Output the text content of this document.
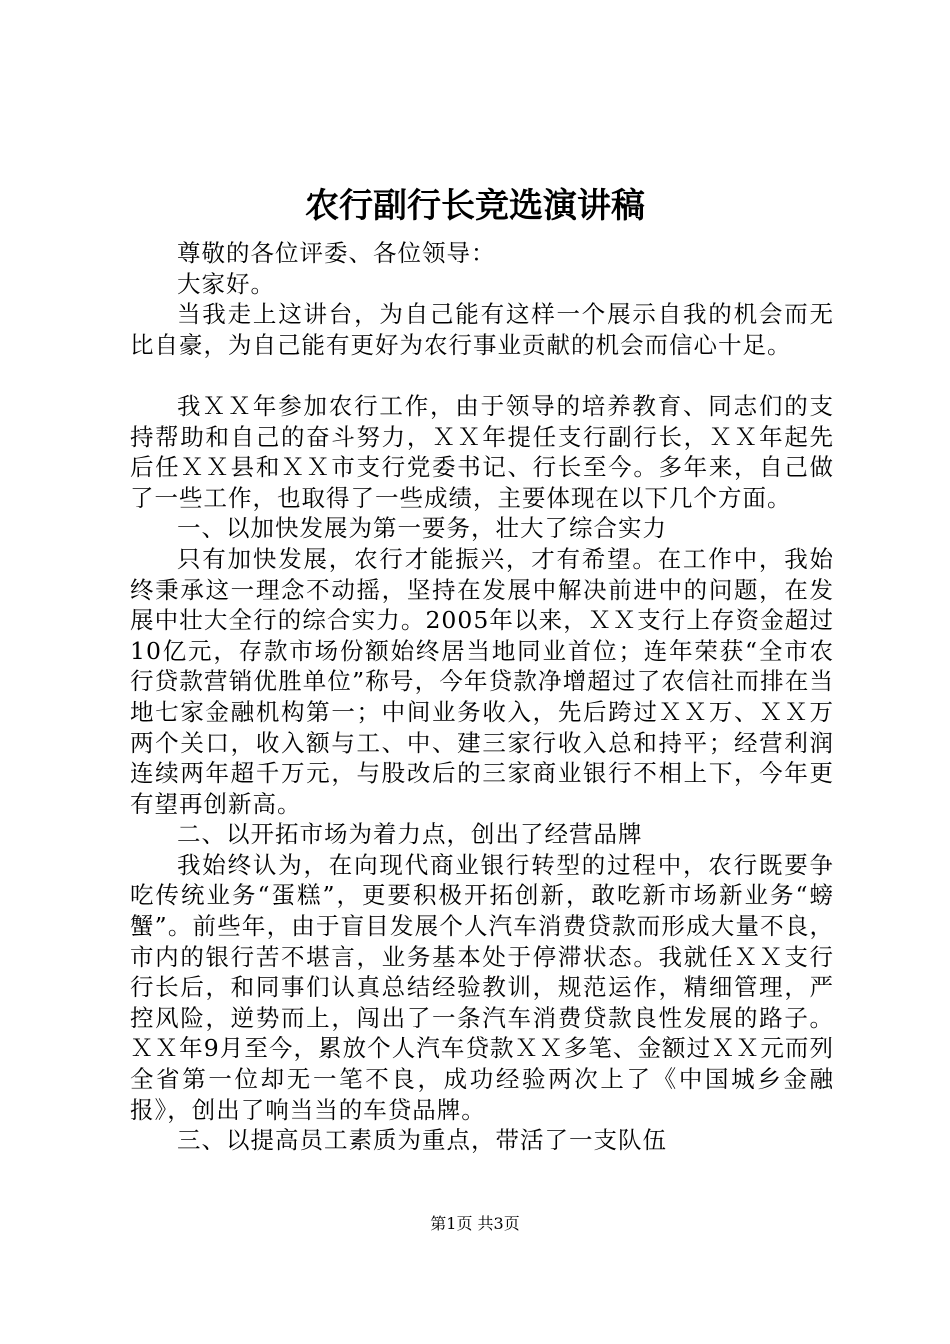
农行副行长竞选演讲稿

尊敬的各位评委、各位领导：

大家好。

当我走上这讲台，为自己能有这样一个展示自我的机会而无比自豪，为自己能有更好为农行事业贡献的机会而信心十足。

我ＸＸ年参加农行工作，由于领导的培养教育、同志们的支持帮助和自己的奋斗努力，ＸＸ年提任支行副行长，ＸＸ年起先后任ＸＸ县和ＸＸ市支行党委书记、行长至今。多年来，自己做了一些工作，也取得了一些成绩，主要体现在以下几个方面。

一、以加快发展为第一要务，壮大了综合实力

只有加快发展，农行才能振兴，才有希望。在工作中，我始终秉承这一理念不动摇，坚持在发展中解决前进中的问题，在发展中壮大全行的综合实力。2005年以来，ＸＸ支行上存资金超过10亿元，存款市场份额始终居当地同业首位；连年荣获“全市农行贷款营销优胜单位”称号，今年贷款净增超过了农信社而排在当地七家金融机构第一；中间业务收入，先后跨过ＸＸ万、ＸＸ万两个关口，收入额与工、中、建三家行收入总和持平；经营利润连续两年超千万元，与股改后的三家商业银行不相上下，今年更有望再创新高。

二、以开拓市场为着力点，创出了经营品牌

我始终认为，在向现代商业银行转型的过程中，农行既要争吃传统业务“蛋糕”，更要积极开拓创新，敢吃新市场新业务“螃蟹”。前些年，由于盲目发展个人汽车消费贷款而形成大量不良，市内的银行苦不堪言，业务基本处于停滞状态。我就任ＸＸ支行行长后，和同事们认真总结经验教训，规范运作，精细管理，严控风险，逆势而上，闯出了一条汽车消费贷款良性发展的路子。ＸＸ年9月至今，累放个人汽车贷款ＸＸ多笔、金额过ＸＸ元而列全省第一位却无一笔不良，成功经验两次上了《中国城乡金融报》，创出了响当当的车贷品牌。

三、以提高员工素质为重点，带活了一支队伍

第1页 共3页
